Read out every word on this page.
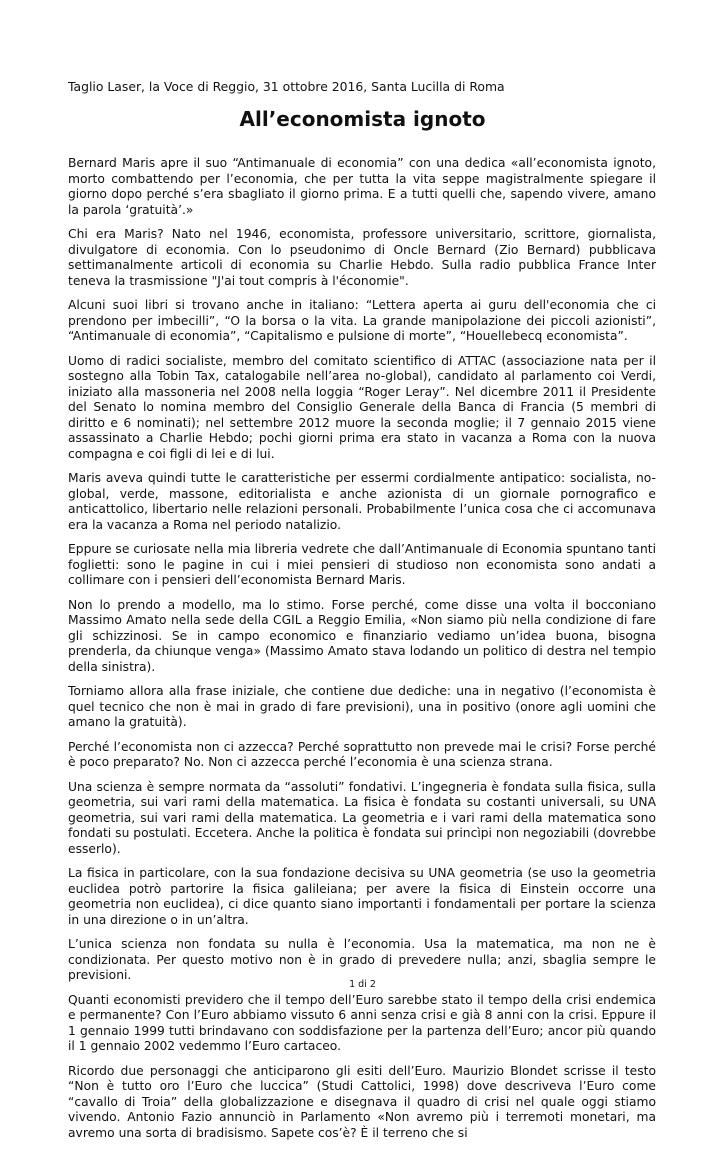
Taglio Laser, la Voce di Reggio, 31 ottobre 2016, Santa Lucilla di Roma
All’economista ignoto

Bernard Maris apre il suo “Antimanuale di economia” con una dedica «all’economista ignoto, morto combattendo per l’economia, che per tutta la vita seppe magistralmente spiegare il giorno dopo perché s’era sbagliato il giorno prima. E a tutti quelli che, sapendo vivere, amano la parola ‘gratuità’.»

Chi era Maris? Nato nel 1946, economista, professore universitario, scrittore, giornalista, divulgatore di economia. Con lo pseudonimo di Oncle Bernard (Zio Bernard) pubblicava settimanalmente articoli di economia su Charlie Hebdo. Sulla radio pubblica France Inter teneva la trasmissione "J'ai tout compris à l'économie".

Alcuni suoi libri si trovano anche in italiano: “Lettera aperta ai guru dell'economia che ci prendono per imbecilli”, “O la borsa o la vita. La grande manipolazione dei piccoli azionisti”, “Antimanuale di economia”, “Capitalismo e pulsione di morte”, “Houellebecq economista”.

Uomo di radici socialiste, membro del comitato scientifico di ATTAC (associazione nata per il sostegno alla Tobin Tax, catalogabile nell’area no-global), candidato al parlamento coi Verdi, iniziato alla massoneria nel 2008 nella loggia “Roger Leray”. Nel dicembre 2011 il Presidente del Senato lo nomina membro del Consiglio Generale della Banca di Francia (5 membri di diritto e 6 nominati); nel settembre 2012 muore la seconda moglie; il 7 gennaio 2015 viene assassinato a Charlie Hebdo; pochi giorni prima era stato in vacanza a Roma con la nuova compagna e coi figli di lei e di lui.

Maris aveva quindi tutte le caratteristiche per essermi cordialmente antipatico: socialista, no-global, verde, massone, editorialista e anche azionista di un giornale pornografico e anticattolico, libertario nelle relazioni personali. Probabilmente l’unica cosa che ci accomunava era la vacanza a Roma nel periodo natalizio.

Eppure se curiosate nella mia libreria vedrete che dall’Antimanuale di Economia spuntano tanti foglietti: sono le pagine in cui i miei pensieri di studioso non economista sono andati a collimare con i pensieri dell’economista Bernard Maris.

Non lo prendo a modello, ma lo stimo. Forse perché, come disse una volta il bocconiano Massimo Amato nella sede della CGIL a Reggio Emilia, «Non siamo più nella condizione di fare gli schizzinosi. Se in campo economico e finanziario vediamo un’idea buona, bisogna prenderla, da chiunque venga» (Massimo Amato stava lodando un politico di destra nel tempio della sinistra).

Torniamo allora alla frase iniziale, che contiene due dediche: una in negativo (l’economista è quel tecnico che non è mai in grado di fare previsioni), una in positivo (onore agli uomini che amano la gratuità).

Perché l’economista non ci azzecca? Perché soprattutto non prevede mai le crisi? Forse perché è poco preparato? No. Non ci azzecca perché l’economia è una scienza strana.

Una scienza è sempre normata da “assoluti” fondativi. L’ingegneria è fondata sulla fisica, sulla geometria, sui vari rami della matematica. La fisica è fondata su costanti universali, su UNA geometria, sui vari rami della matematica. La geometria e i vari rami della matematica sono fondati su postulati. Eccetera. Anche la politica è fondata sui princìpi non negoziabili (dovrebbe esserlo).

La fisica in particolare, con la sua fondazione decisiva su UNA geometria (se uso la geometria euclidea potrò partorire la fisica galileiana; per avere la fisica di Einstein occorre una geometria non euclidea), ci dice quanto siano importanti i fondamentali per portare la scienza in una direzione o in un’altra.

L’unica scienza non fondata su nulla è l’economia. Usa la matematica, ma non ne è condizionata. Per questo motivo non è in grado di prevedere nulla; anzi, sbaglia sempre le previsioni.

Quanti economisti previdero che il tempo dell’Euro sarebbe stato il tempo della crisi endemica e permanente? Con l’Euro abbiamo vissuto 6 anni senza crisi e già 8 anni con la crisi. Eppure il 1 gennaio 1999 tutti brindavano con soddisfazione per la partenza dell’Euro; ancor più quando il 1 gennaio 2002 vedemmo l’Euro cartaceo.

Ricordo due personaggi che anticiparono gli esiti dell’Euro. Maurizio Blondet scrisse il testo “Non è tutto oro l’Euro che luccica” (Studi Cattolici, 1998) dove descriveva l’Euro come “cavallo di Troia” della globalizzazione e disegnava il quadro di crisi nel quale oggi stiamo vivendo. Antonio Fazio annunciò in Parlamento «Non avremo più i terremoti monetari, ma avremo una sorta di bradisismo. Sapete cos’è? È il terreno che si

1 di 2
